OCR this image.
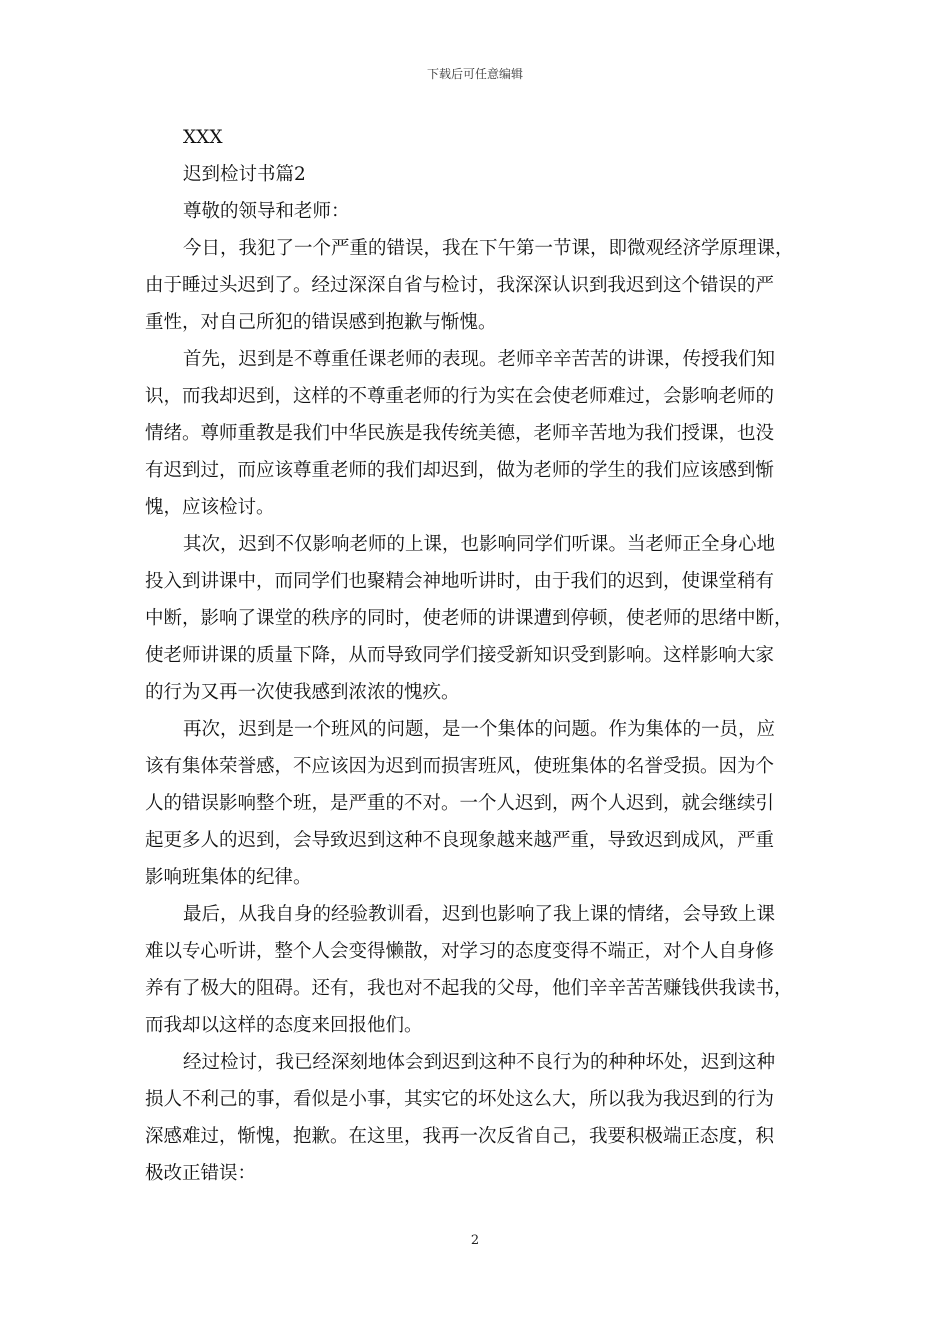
下载后可任意编辑
XXX
迟到检讨书篇2
尊敬的领导和老师：
今日，我犯了一个严重的错误，我在下午第一节课，即微观经济学原理课，
由于睡过头迟到了。经过深深自省与检讨，我深深认识到我迟到这个错误的严
重性，对自己所犯的错误感到抱歉与惭愧。
首先，迟到是不尊重任课老师的表现。老师辛辛苦苦的讲课，传授我们知
识，而我却迟到，这样的不尊重老师的行为实在会使老师难过，会影响老师的
情绪。尊师重教是我们中华民族是我传统美德，老师辛苦地为我们授课，也没
有迟到过，而应该尊重老师的我们却迟到，做为老师的学生的我们应该感到惭
愧，应该检讨。
其次，迟到不仅影响老师的上课，也影响同学们听课。当老师正全身心地
投入到讲课中，而同学们也聚精会神地听讲时，由于我们的迟到，使课堂稍有
中断，影响了课堂的秩序的同时，使老师的讲课遭到停顿，使老师的思绪中断，
使老师讲课的质量下降，从而导致同学们接受新知识受到影响。这样影响大家
的行为又再一次使我感到浓浓的愧疚。
再次，迟到是一个班风的问题，是一个集体的问题。作为集体的一员，应
该有集体荣誉感，不应该因为迟到而损害班风，使班集体的名誉受损。因为个
人的错误影响整个班，是严重的不对。一个人迟到，两个人迟到，就会继续引
起更多人的迟到，会导致迟到这种不良现象越来越严重，导致迟到成风，严重
影响班集体的纪律。
最后，从我自身的经验教训看，迟到也影响了我上课的情绪，会导致上课
难以专心听讲，整个人会变得懒散，对学习的态度变得不端正，对个人自身修
养有了极大的阻碍。还有，我也对不起我的父母，他们辛辛苦苦赚钱供我读书，
而我却以这样的态度来回报他们。
经过检讨，我已经深刻地体会到迟到这种不良行为的种种坏处，迟到这种
损人不利己的事，看似是小事，其实它的坏处这么大，所以我为我迟到的行为
深感难过，惭愧，抱歉。在这里，我再一次反省自己，我要积极端正态度，积
极改正错误：
2
